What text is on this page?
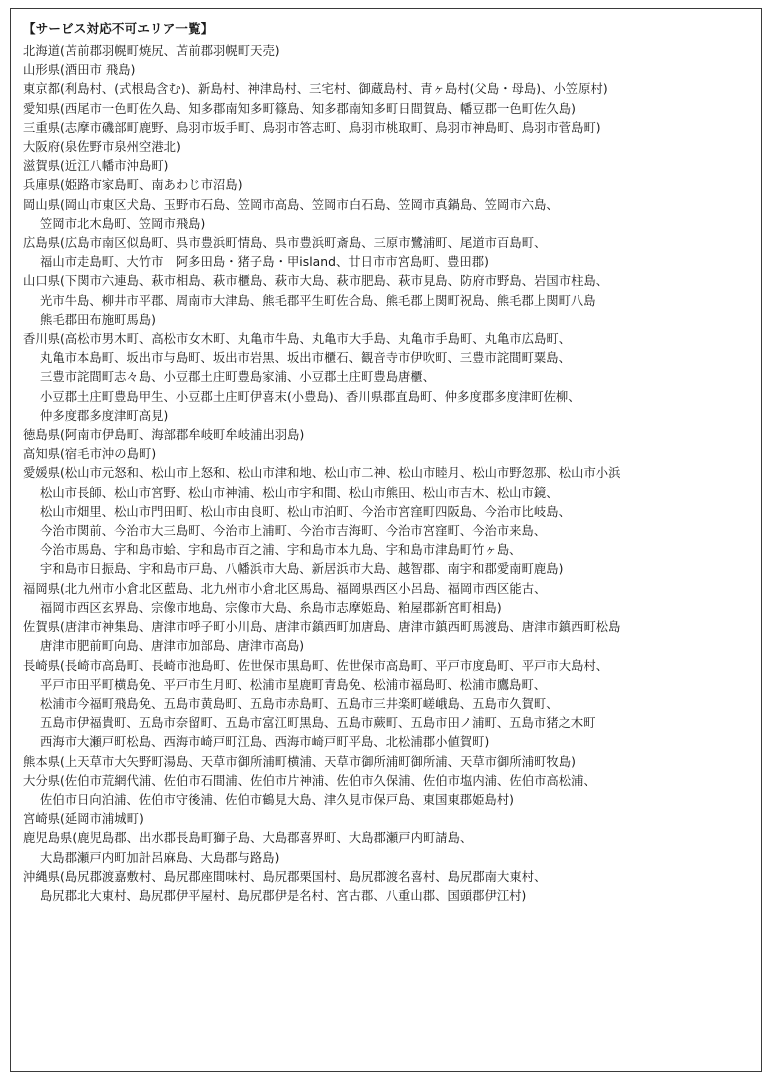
【サービス対応不可エリア一覧】

北海道(苫前郡羽幌町焼尻、苫前郡羽幌町天売)

山形県(酒田市 飛島)

東京都(利島村、(式根島含む)、新島村、神津島村、三宅村、御蔵島村、青ヶ島村(父島・母島)、小笠原村)

愛知県(西尾市一色町佐久島、知多郡南知多町篠島、知多郡南知多町日間賀島、幡豆郡一色町佐久島)

三重県(志摩市磯部町鹿野、鳥羽市坂手町、鳥羽市答志町、鳥羽市桃取町、鳥羽市神島町、鳥羽市菅島町)

大阪府(泉佐野市泉州空港北)

滋賀県(近江八幡市沖島町)

兵庫県(姫路市家島町、南あわじ市沼島)

岡山県(岡山市東区犬島、玉野市石島、笠岡市高島、笠岡市白石島、笠岡市真鍋島、笠岡市六島、
笠岡市北木島町、笠岡市飛島)

広島県(広島市南区似島町、呉市豊浜町情島、呉市豊浜町斎島、三原市鷺浦町、尾道市百島町、
福山市走島町、大竹市　阿多田島・猪子島・甲island、廿日市市宮島町、豊田郡)

山口県(下関市六連島、萩市相島、萩市櫃島、萩市大島、萩市肥島、萩市見島、防府市野島、岩国市柱島、
光市牛島、柳井市平郡、周南市大津島、熊毛郡平生町佐合島、熊毛郡上関町祝島、熊毛郡上関町八島
熊毛郡田布施町馬島)

香川県(高松市男木町、高松市女木町、丸亀市牛島、丸亀市大手島、丸亀市手島町、丸亀市広島町、
丸亀市本島町、坂出市与島町、坂出市岩黒、坂出市櫃石、観音寺市伊吹町、三豊市詫間町粟島、
三豊市詫間町志々島、小豆郡土庄町豊島家浦、小豆郡土庄町豊島唐櫃、
小豆郡土庄町豊島甲生、小豆郡土庄町伊喜末(小豊島)、香川県郡直島町、仲多度郡多度津町佐柳、
仲多度郡多度津町高見)

徳島県(阿南市伊島町、海部郡牟岐町牟岐浦出羽島)

高知県(宿毛市沖の島町)

愛媛県(松山市元怒和、松山市上怒和、松山市津和地、松山市二神、松山市睦月、松山市野忽那、松山市小浜
松山市長師、松山市宮野、松山市神浦、松山市宇和間、松山市熊田、松山市吉木、松山市鏡、
松山市畑里、松山市門田町、松山市由良町、松山市泊町、今治市宮窪町四阪島、今治市比岐島、
今治市関前、今治市大三島町、今治市上浦町、今治市吉海町、今治市宮窪町、今治市来島、
今治市馬島、宇和島市蛤、宇和島市百之浦、宇和島市本九島、宇和島市津島町竹ヶ島、
宇和島市日振島、宇和島市戸島、八幡浜市大島、新居浜市大島、越智郡、南宇和郡愛南町鹿島)

福岡県(北九州市小倉北区藍島、北九州市小倉北区馬島、福岡県西区小呂島、福岡市西区能古、
福岡市西区玄界島、宗像市地島、宗像市大島、糸島市志摩姫島、粕屋郡新宮町相島)

佐賀県(唐津市神集島、唐津市呼子町小川島、唐津市鎮西町加唐島、唐津市鎮西町馬渡島、唐津市鎮西町松島
唐津市肥前町向島、唐津市加部島、唐津市高島)

長崎県(長崎市高島町、長崎市池島町、佐世保市黒島町、佐世保市高島町、平戸市度島町、平戸市大島村、
平戸市田平町横島免、平戸市生月町、松浦市星鹿町青島免、松浦市福島町、松浦市鷹島町、
松浦市今福町飛島免、五島市黄島町、五島市赤島町、五島市三井楽町嵯峨島、五島市久賀町、
五島市伊福貴町、五島市奈留町、五島市富江町黒島、五島市蕨町、五島市田ノ浦町、五島市猪之木町
西海市大瀬戸町松島、西海市崎戸町江島、西海市崎戸町平島、北松浦郡小値賀町)

熊本県(上天草市大矢野町湯島、天草市御所浦町横浦、天草市御所浦町御所浦、天草市御所浦町牧島)

大分県(佐伯市荒網代浦、佐伯市石間浦、佐伯市片神浦、佐伯市久保浦、佐伯市塩内浦、佐伯市高松浦、
佐伯市日向泊浦、佐伯市守後浦、佐伯市鶴見大島、津久見市保戸島、東国東郡姫島村)

宮崎県(延岡市浦城町)

鹿児島県(鹿児島郡、出水郡長島町獅子島、大島郡喜界町、大島郡瀬戸内町請島、
大島郡瀬戸内町加計呂麻島、大島郡与路島)

沖縄県(島尻郡渡嘉敷村、島尻郡座間味村、島尻郡栗国村、島尻郡渡名喜村、島尻郡南大東村、
島尻郡北大東村、島尻郡伊平屋村、島尻郡伊是名村、宮古郡、八重山郡、国頭郡伊江村)
